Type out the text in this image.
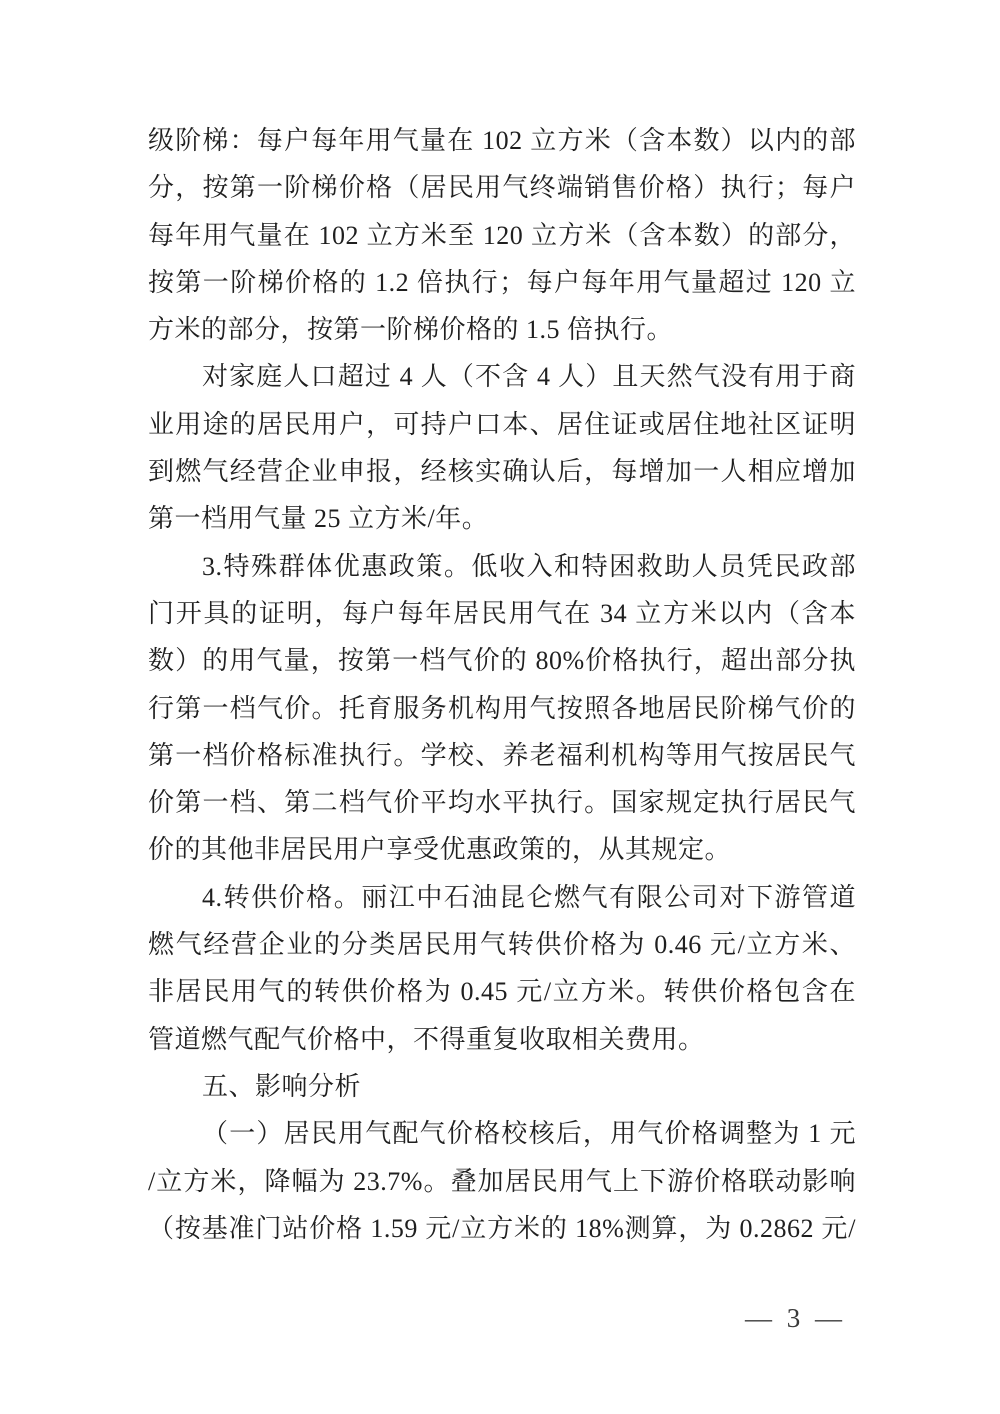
级阶梯：每户每年用气量在 102 立方米（含本数）以内的部
分，按第一阶梯价格（居民用气终端销售价格）执行；每户
每年用气量在 102 立方米至 120 立方米（含本数）的部分，
按第一阶梯价格的 1.2 倍执行；每户每年用气量超过 120 立
方米的部分，按第一阶梯价格的 1.5 倍执行。
对家庭人口超过 4 人（不含 4 人）且天然气没有用于商
业用途的居民用户，可持户口本、居住证或居住地社区证明
到燃气经营企业申报，经核实确认后，每增加一人相应增加
第一档用气量 25 立方米/年。
3.特殊群体优惠政策。低收入和特困救助人员凭民政部
门开具的证明，每户每年居民用气在 34 立方米以内（含本
数）的用气量，按第一档气价的 80%价格执行，超出部分执
行第一档气价。托育服务机构用气按照各地居民阶梯气价的
第一档价格标准执行。学校、养老福利机构等用气按居民气
价第一档、第二档气价平均水平执行。国家规定执行居民气
价的其他非居民用户享受优惠政策的，从其规定。
4.转供价格。丽江中石油昆仑燃气有限公司对下游管道
燃气经营企业的分类居民用气转供价格为 0.46 元/立方米、
非居民用气的转供价格为 0.45 元/立方米。转供价格包含在
管道燃气配气价格中，不得重复收取相关费用。
五、影响分析
（一）居民用气配气价格校核后，用气价格调整为 1 元
/立方米，降幅为 23.7%。叠加居民用气上下游价格联动影响
（按基准门站价格 1.59 元/立方米的 18%测算，为 0.2862 元/
— 3 —
